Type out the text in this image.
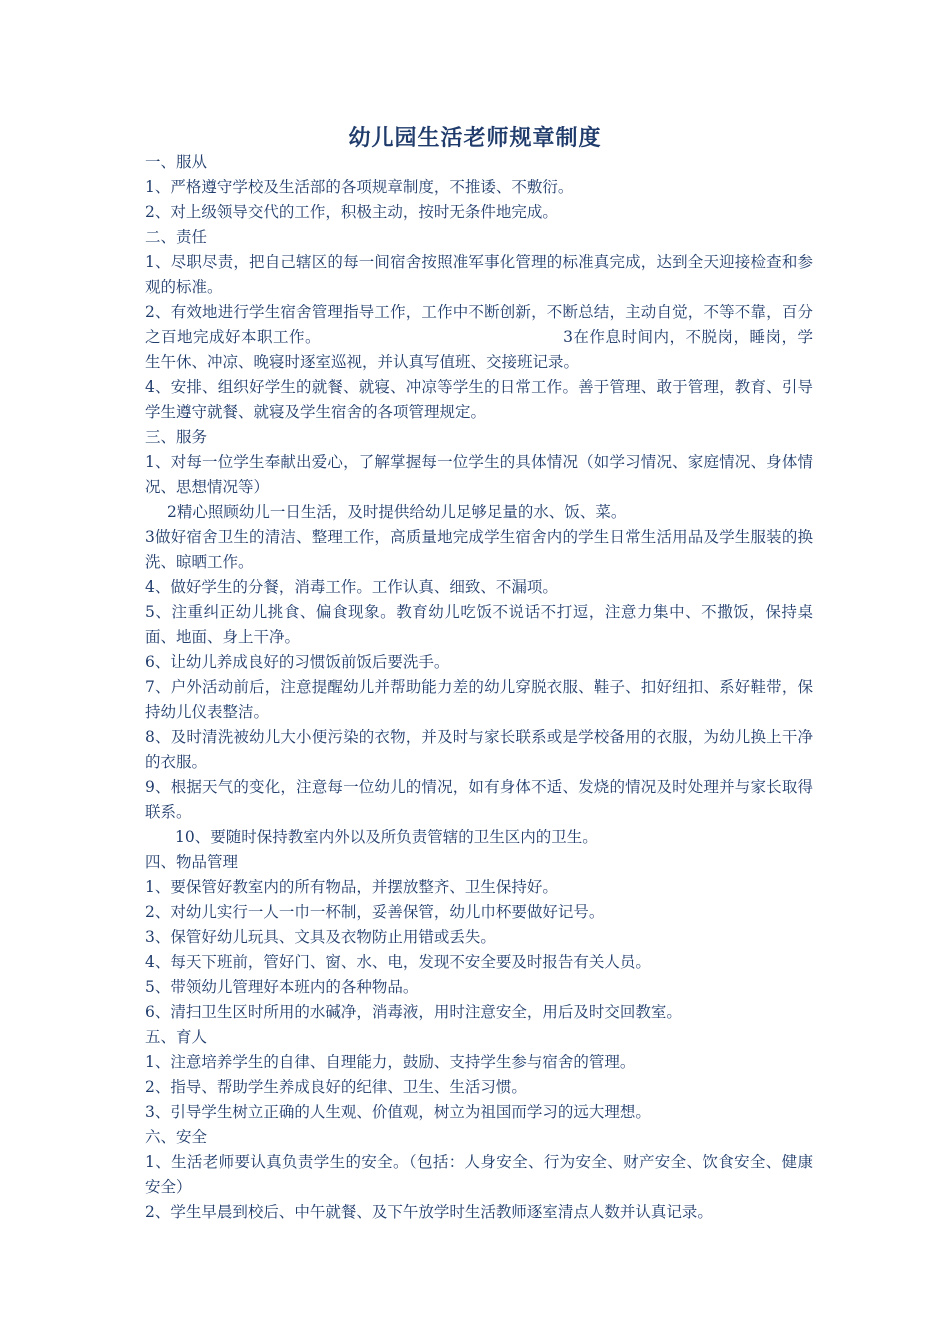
幼儿园生活老师规章制度

一、服从

1、严格遵守学校及生活部的各项规章制度，不推诿、不敷衍。

2、对上级领导交代的工作，积极主动，按时无条件地完成。

二、责任

1、尽职尽责，把自己辖区的每一间宿舍按照准军事化管理的标准真完成，达到全天迎接检查和参观的标准。

2、有效地进行学生宿舍管理指导工作，工作中不断创新，不断总结，主动自觉，不等不靠，百分之百地完成好本职工作。	3在作息时间内，不脱岗，睡岗，学生午休、冲凉、晚寝时逐室巡视，并认真写值班、交接班记录。

4、安排、组织好学生的就餐、就寝、冲凉等学生的日常工作。善于管理、敢于管理，教育、引导学生遵守就餐、就寝及学生宿舍的各项管理规定。

三、服务

1、对每一位学生奉献出爱心，了解掌握每一位学生的具体情况（如学习情况、家庭情况、身体情况、思想情况等）

2精心照顾幼儿一日生活，及时提供给幼儿足够足量的水、饭、菜。

3做好宿舍卫生的清洁、整理工作，高质量地完成学生宿舍内的学生日常生活用品及学生服装的换洗、晾晒工作。

4、做好学生的分餐，消毒工作。工作认真、细致、不漏项。

5、注重纠正幼儿挑食、偏食现象。教育幼儿吃饭不说话不打逗，注意力集中、不撒饭，保持桌面、地面、身上干净。

6、让幼儿养成良好的习惯饭前饭后要洗手。

7、户外活动前后，注意提醒幼儿并帮助能力差的幼儿穿脱衣服、鞋子、扣好纽扣、系好鞋带，保持幼儿仪表整洁。

8、及时清洗被幼儿大小便污染的衣物，并及时与家长联系或是学校备用的衣服，为幼儿换上干净的衣服。

9、根据天气的变化，注意每一位幼儿的情况，如有身体不适、发烧的情况及时处理并与家长取得联系。

10、要随时保持教室内外以及所负责管辖的卫生区内的卫生。

四、物品管理

1、要保管好教室内的所有物品，并摆放整齐、卫生保持好。

2、对幼儿实行一人一巾一杯制，妥善保管，幼儿巾杯要做好记号。

3、保管好幼儿玩具、文具及衣物防止用错或丢失。

4、每天下班前，管好门、窗、水、电，发现不安全要及时报告有关人员。

5、带领幼儿管理好本班内的各种物品。

6、清扫卫生区时所用的水碱净，消毒液，用时注意安全，用后及时交回教室。

五、育人

1、注意培养学生的自律、自理能力，鼓励、支持学生参与宿舍的管理。

2、指导、帮助学生养成良好的纪律、卫生、生活习惯。

3、引导学生树立正确的人生观、价值观，树立为祖国而学习的远大理想。

六、安全

1、生活老师要认真负责学生的安全。（包括：人身安全、行为安全、财产安全、饮食安全、健康安全）

2、学生早晨到校后、中午就餐、及下午放学时生活教师逐室清点人数并认真记录。
